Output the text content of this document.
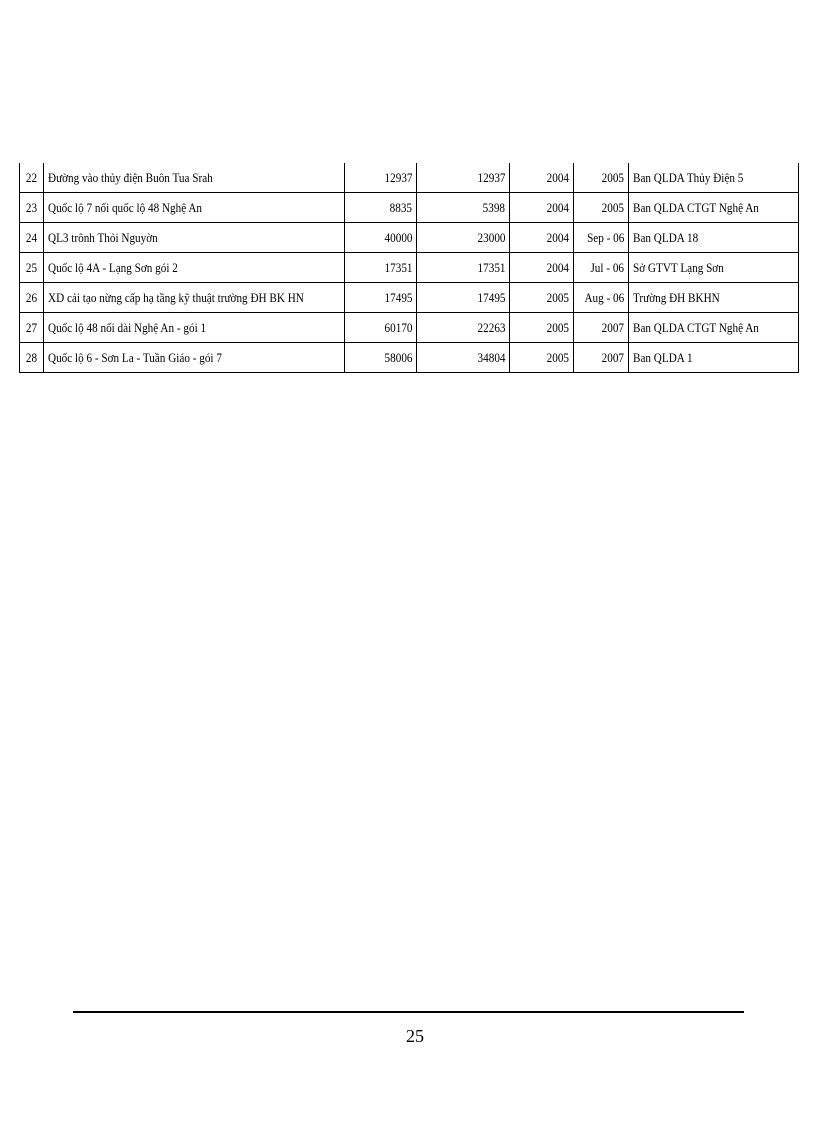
22	Đường vào thủy điện Buôn Tua Srah	12937	12937	2004	2005	Ban QLDA Thủy Điện 5
23	Quốc lộ 7 nối quốc lộ 48 Nghệ An	8835	5398	2004	2005	Ban QLDA CTGT Nghệ An
24	QL3 trônh Thỏi Nguyờn	40000	23000	2004	Sep - 06	Ban QLDA 18
25	Quốc lộ 4A - Lạng Sơn gói 2	17351	17351	2004	Jul - 06	Sở GTVT Lạng Sơn
26	XD cải tạo nừng cấp hạ tầng kỹ thuật trường ĐH BK HN	17495	17495	2005	Aug - 06	Trường ĐH BKHN
27	Quốc lộ 48 nối dài Nghệ An - gói 1	60170	22263	2005	2007	Ban QLDA CTGT Nghệ An
28	Quốc lộ 6 - Sơn La - Tuần Giáo - gói 7	58006	34804	2005	2007	Ban QLDA 1
25
